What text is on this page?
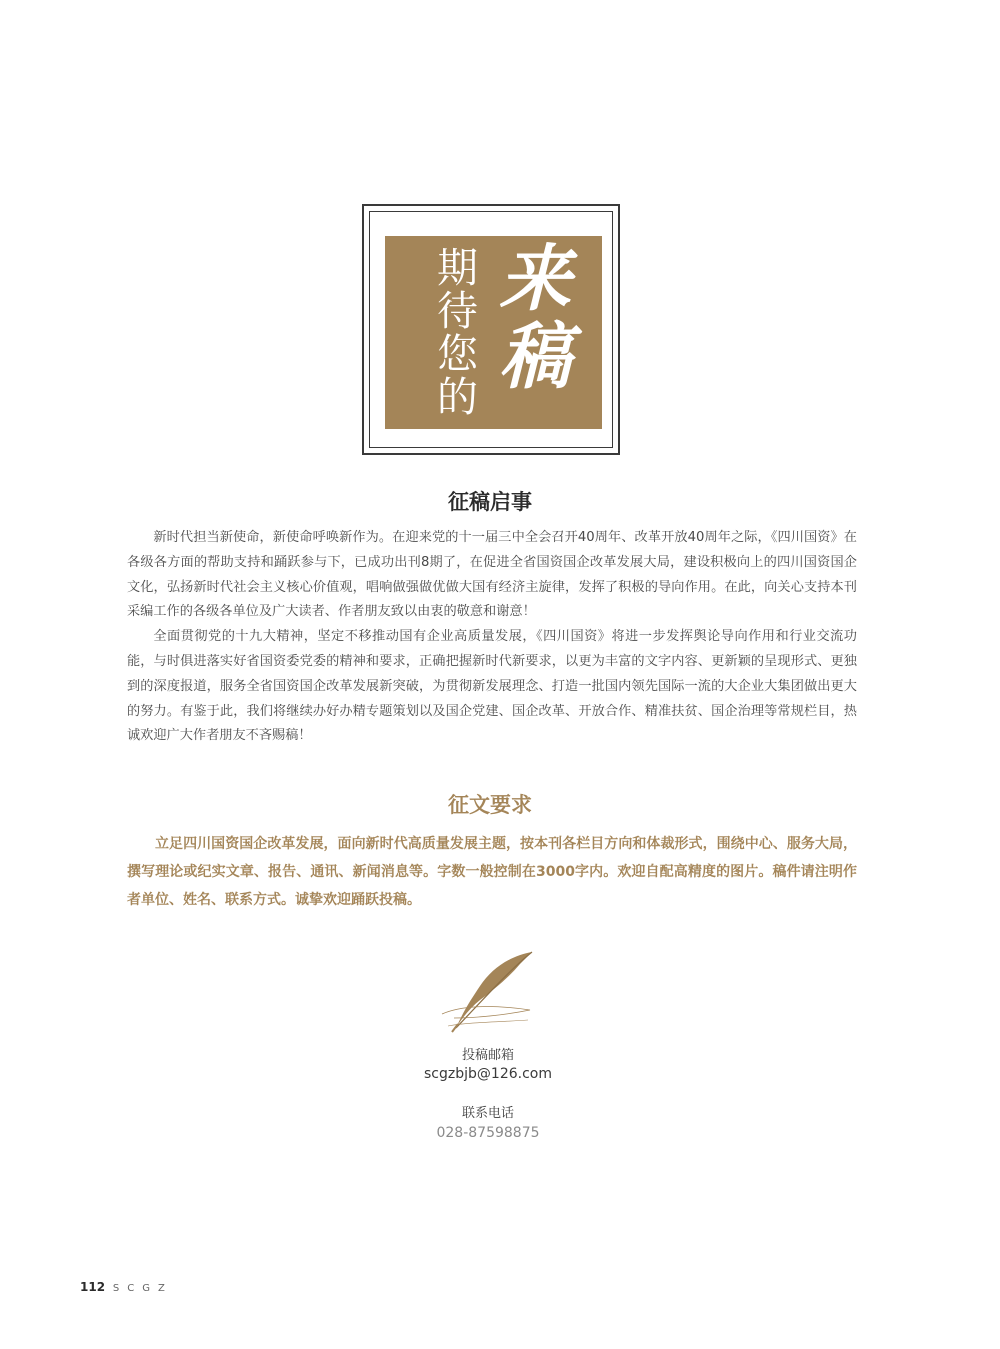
期待您的 来稿
征稿启事

新时代担当新使命，新使命呼唤新作为。在迎来党的十一届三中全会召开40周年、改革开放40周年之际，《四川国资》在各级各方面的帮助支持和踊跃参与下，已成功出刊8期了，在促进全省国资国企改革发展大局，建设积极向上的四川国资国企文化，弘扬新时代社会主义核心价值观，唱响做强做优做大国有经济主旋律，发挥了积极的导向作用。在此，向关心支持本刊采编工作的各级各单位及广大读者、作者朋友致以由衷的敬意和谢意！

全面贯彻党的十九大精神，坚定不移推动国有企业高质量发展，《四川国资》将进一步发挥舆论导向作用和行业交流功能，与时俱进落实好省国资委党委的精神和要求，正确把握新时代新要求，以更为丰富的文字内容、更新颖的呈现形式、更独到的深度报道，服务全省国资国企改革发展新突破，为贯彻新发展理念、打造一批国内领先国际一流的大企业大集团做出更大的努力。有鉴于此，我们将继续办好办精专题策划以及国企党建、国企改革、开放合作、精准扶贫、国企治理等常规栏目，热诚欢迎广大作者朋友不吝赐稿！

征文要求

立足四川国资国企改革发展，面向新时代高质量发展主题，按本刊各栏目方向和体裁形式，围绕中心、服务大局，撰写理论或纪实文章、报告、通讯、新闻消息等。字数一般控制在3000字内。欢迎自配高精度的图片。稿件请注明作者单位、姓名、联系方式。诚挚欢迎踊跃投稿。

投稿邮箱

scgzbjb@126.com

联系电话

028-87598875

112 SCGZ
